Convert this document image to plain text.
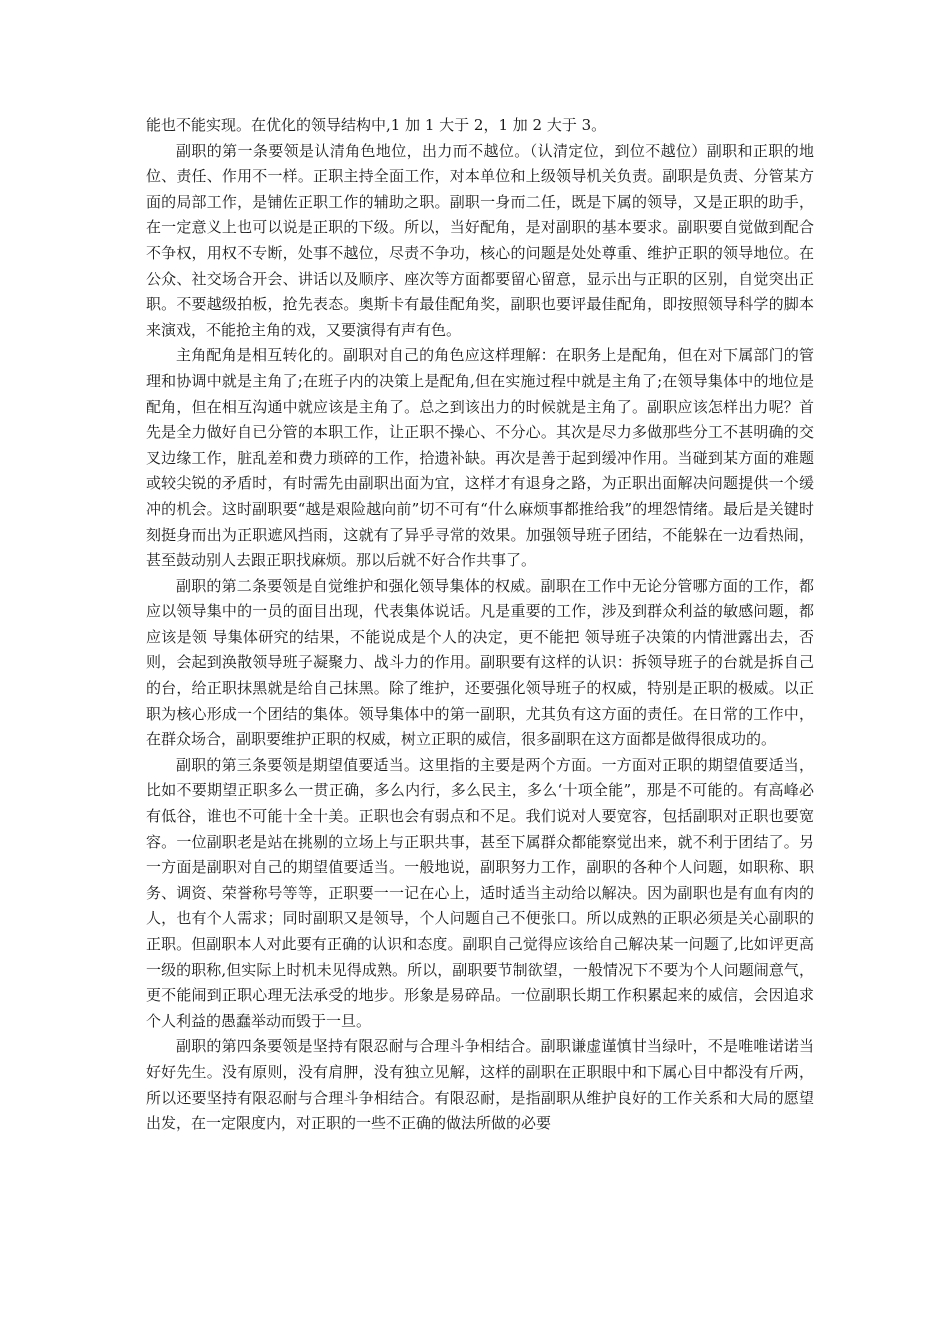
能也不能实现。在优化的领导结构中,1 加 1 大于 2，1 加 2 大于 3。

副职的第一条要领是认清角色地位，出力而不越位。（认清定位，到位不越位）副职和正职的地位、责任、作用不一样。正职主持全面工作，对本单位和上级领导机关负责。副职是负责、分管某方面的局部工作，是铺佐正职工作的辅助之职。副职一身而二任，既是下属的领导，又是正职的助手，在一定意义上也可以说是正职的下级。所以，当好配角，是对副职的基本要求。副职要自觉做到配合不争权，用权不专断，处事不越位，尽责不争功，核心的问题是处处尊重、维护正职的领导地位。在公众、社交场合开会、讲话以及顺序、座次等方面都要留心留意，显示出与正职的区别，自觉突出正职。不要越级拍板，抢先表态。奥斯卡有最佳配角奖，副职也要评最佳配角，即按照领导科学的脚本来演戏，不能抢主角的戏，又要演得有声有色。

主角配角是相互转化的。副职对自己的角色应这样理解：在职务上是配角，但在对下属部门的管理和协调中就是主角了;在班子内的决策上是配角,但在实施过程中就是主角了;在领导集体中的地位是配角，但在相互沟通中就应该是主角了。总之到该出力的时候就是主角了。副职应该怎样出力呢？首先是全力做好自已分管的本职工作，让正职不操心、不分心。其次是尽力多做那些分工不甚明确的交叉边缘工作，脏乱差和费力琐碎的工作，拾遗补缺。再次是善于起到缓冲作用。当碰到某方面的难题或较尖锐的矛盾时，有时需先由副职出面为宜，这样才有退身之路，为正职出面解决问题提供一个缓冲的机会。这时副职要“越是艰险越向前”切不可有“什么麻烦事都推给我”的埋怨情绪。最后是关键时刻挺身而出为正职遮风挡雨，这就有了异乎寻常的效果。加强领导班子团结，不能躲在一边看热闹，甚至鼓动别人去跟正职找麻烦。那以后就不好合作共事了。

副职的第二条要领是自觉维护和强化领导集体的权威。副职在工作中无论分管哪方面的工作，都应以领导集中的一员的面目出现，代表集体说话。凡是重要的工作，涉及到群众利益的敏感问题，都应该是领 导集体研究的结果，不能说成是个人的决定，更不能把 领导班子决策的内情泄露出去，否则，会起到涣散领导班子凝聚力、战斗力的作用。副职要有这样的认识：拆领导班子的台就是拆自己的台，给正职抹黑就是给自己抹黑。除了维护，还要强化领导班子的权威，特别是正职的极威。以正职为核心形成一个团结的集体。领导集体中的第一副职，尤其负有这方面的责任。在日常的工作中，在群众场合，副职要维护正职的权威，树立正职的威信，很多副职在这方面都是做得很成功的。

副职的第三条要领是期望值要适当。这里指的主要是两个方面。一方面对正职的期望值要适当，比如不要期望正职多么一贯正确，多么内行，多么民主，多么‘十项全能”，那是不可能的。有高峰必有低谷，谁也不可能十全十美。正职也会有弱点和不足。我们说对人要宽容，包括副职对正职也要宽容。一位副职老是站在挑剔的立场上与正职共事，甚至下属群众都能察觉出来，就不利于团结了。另一方面是副职对自己的期望值要适当。一般地说，副职努力工作，副职的各种个人问题，如职称、职务、调资、荣誉称号等等，正职要一一记在心上，适时适当主动给以解决。因为副职也是有血有肉的人，也有个人需求；同时副职又是领导，个人问题自己不便张口。所以成熟的正职必须是关心副职的正职。但副职本人对此要有正确的认识和态度。副职自己觉得应该给自己解决某一问题了,比如评更高一级的职称,但实际上时机未见得成熟。所以，副职要节制欲望，一般情况下不要为个人问题闹意气，更不能闹到正职心理无法承受的地步。形象是易碎品。一位副职长期工作积累起来的威信，会因追求个人利益的愚蠢举动而毁于一旦。

副职的第四条要领是坚持有限忍耐与合理斗争相结合。副职谦虚谨慎甘当绿叶，不是唯唯诺诺当好好先生。没有原则，没有肩胛，没有独立见解，这样的副职在正职眼中和下属心目中都没有斤两，所以还要坚持有限忍耐与合理斗争相结合。有限忍耐，是指副职从维护良好的工作关系和大局的愿望出发，在一定限度内，对正职的一些不正确的做法所做的必要
